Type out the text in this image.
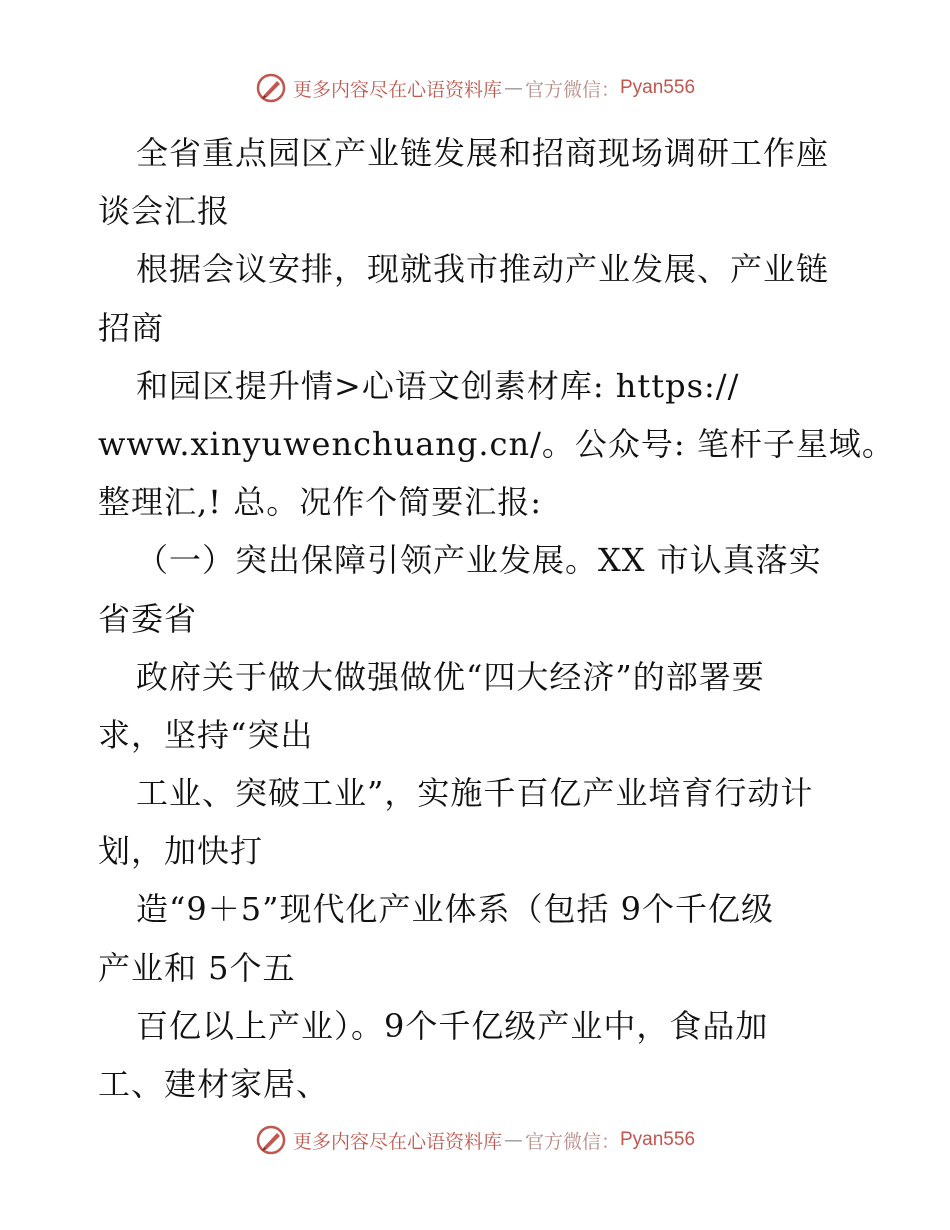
更多内容尽在心语资料库 — 官方微信： Pyan556
全省重点园区产业链发展和招商现场调研工作座
谈会汇报
根据会议安排，现就我市推动产业发展、产业链
招商
和园区提升情>心语文创素材库: https://
www.xinyuwenchuang.cn/。公众号: 笔杆子星域。
整理汇,! 总。况作个简要汇报:
（一）突出保障引领产业发展。XX 市认真落实
省委省
政府关于做大做强做优“四大经济”的部署要
求，坚持“突出
工业、突破工业”，实施千百亿产业培育行动计
划，加快打
造“9＋5”现代化产业体系（包括 9个千亿级
产业和 5个五
百亿以上产业）。9个千亿级产业中，食品加
工、建材家居、
更多内容尽在心语资料库 — 官方微信： Pyan556
